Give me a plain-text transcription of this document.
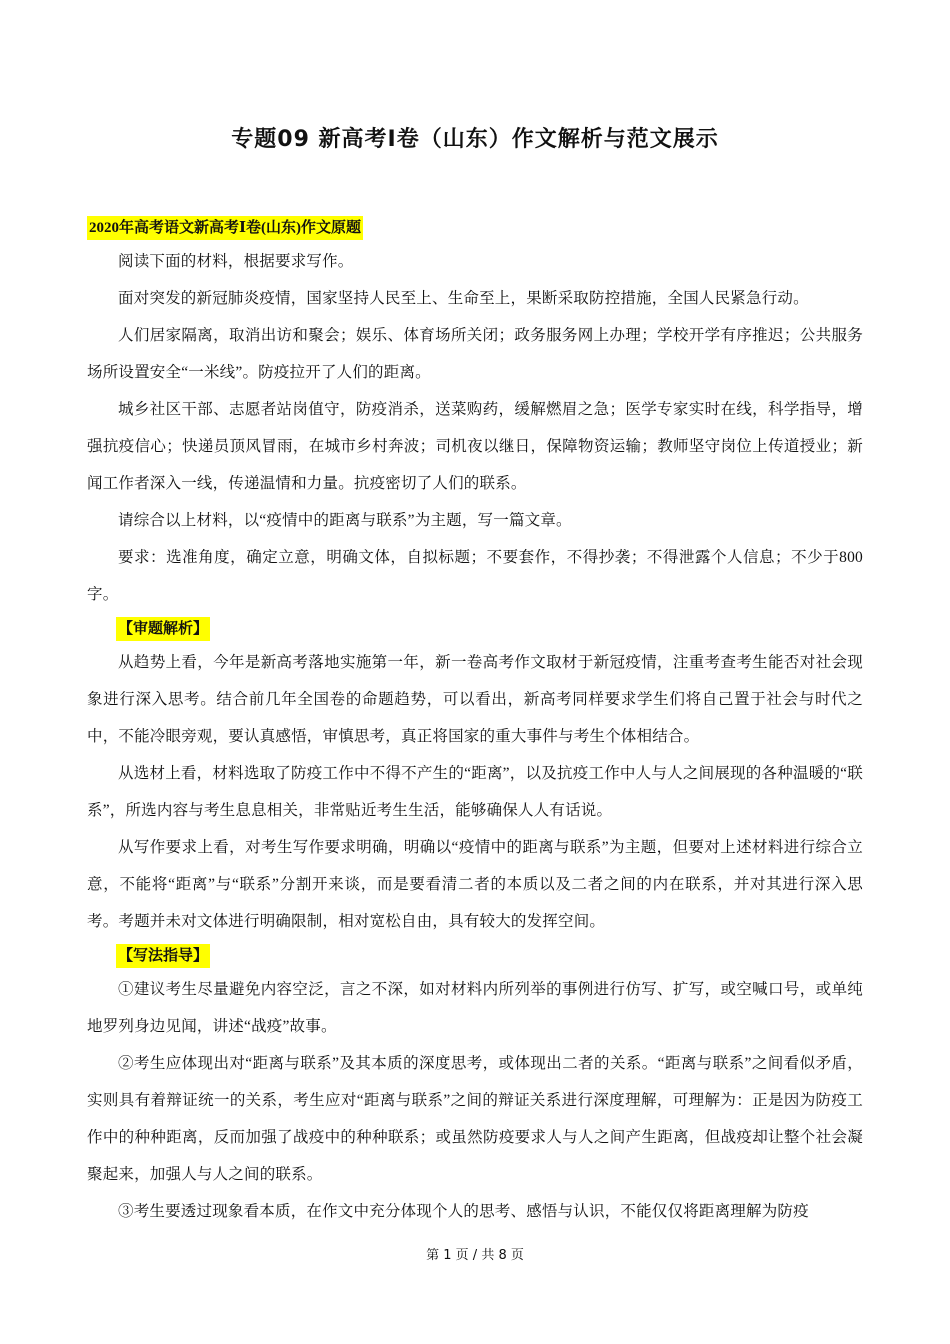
专题09 新高考Ⅰ卷（山东）作文解析与范文展示
2020年高考语文新高考Ⅰ卷(山东)作文原题

阅读下面的材料，根据要求写作。

面对突发的新冠肺炎疫情，国家坚持人民至上、生命至上，果断采取防控措施，全国人民紧急行动。

人们居家隔离，取消出访和聚会；娱乐、体育场所关闭；政务服务网上办理；学校开学有序推迟；公共服务场所设置安全“一米线”。防疫拉开了人们的距离。

城乡社区干部、志愿者站岗值守，防疫消杀，送菜购药，缓解燃眉之急；医学专家实时在线，科学指导，增强抗疫信心；快递员顶风冒雨，在城市乡村奔波；司机夜以继日，保障物资运输；教师坚守岗位上传道授业；新闻工作者深入一线，传递温情和力量。抗疫密切了人们的联系。

请综合以上材料，以“疫情中的距离与联系”为主题，写一篇文章。

要求：选准角度，确定立意，明确文体，自拟标题；不要套作，不得抄袭；不得泄露个人信息；不少于800字。

【审题解析】

从趋势上看，今年是新高考落地实施第一年，新一卷高考作文取材于新冠疫情，注重考查考生能否对社会现象进行深入思考。结合前几年全国卷的命题趋势，可以看出，新高考同样要求学生们将自己置于社会与时代之中，不能冷眼旁观，要认真感悟，审慎思考，真正将国家的重大事件与考生个体相结合。

从选材上看，材料选取了防疫工作中不得不产生的“距离”，以及抗疫工作中人与人之间展现的各种温暖的“联系”，所选内容与考生息息相关，非常贴近考生生活，能够确保人人有话说。

从写作要求上看，对考生写作要求明确，明确以“疫情中的距离与联系”为主题，但要对上述材料进行综合立意，不能将“距离”与“联系”分割开来谈，而是要看清二者的本质以及二者之间的内在联系，并对其进行深入思考。考题并未对文体进行明确限制，相对宽松自由，具有较大的发挥空间。

【写法指导】

①建议考生尽量避免内容空泛，言之不深，如对材料内所列举的事例进行仿写、扩写，或空喊口号，或单纯地罗列身边见闻，讲述“战疫”故事。

②考生应体现出对“距离与联系”及其本质的深度思考，或体现出二者的关系。“距离与联系”之间看似矛盾，实则具有着辩证统一的关系，考生应对“距离与联系”之间的辩证关系进行深度理解，可理解为：正是因为防疫工作中的种种距离，反而加强了战疫中的种种联系；或虽然防疫要求人与人之间产生距离，但战疫却让整个社会凝聚起来，加强人与人之间的联系。

③考生要透过现象看本质，在作文中充分体现个人的思考、感悟与认识，不能仅仅将距离理解为防疫

第 1 页 / 共 8 页
